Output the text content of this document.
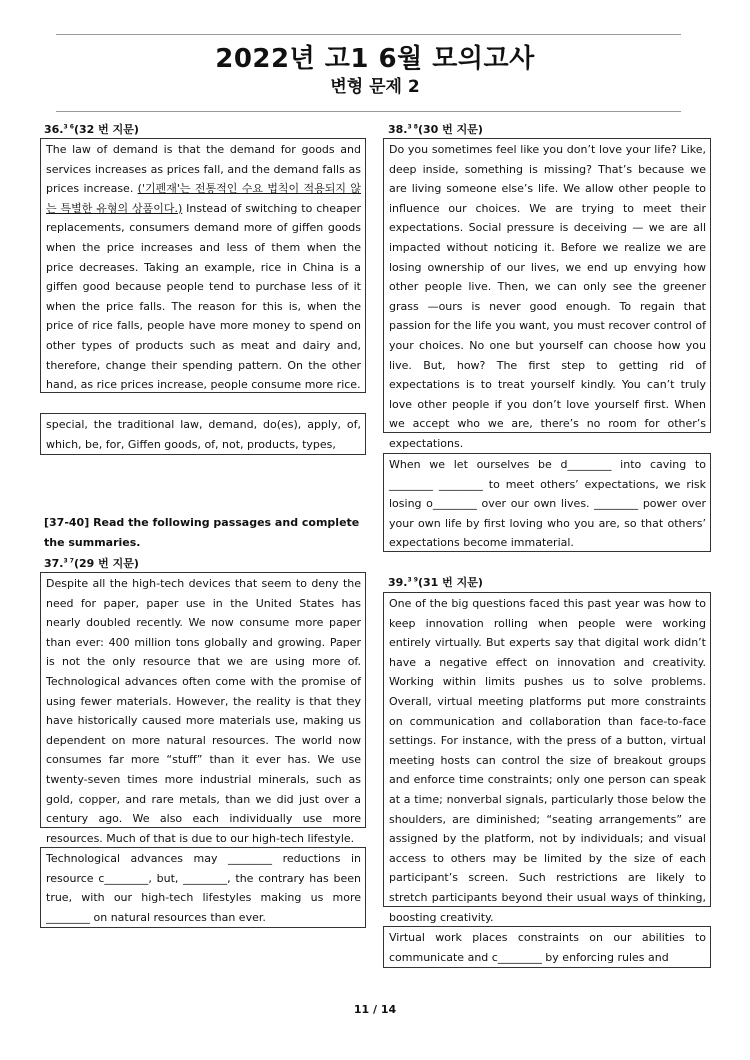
2022년 고1 6월 모의고사
변형 문제 2
36.$^{3 6}$(32 번 지문)
The law of demand is that the demand for goods and services increases as prices fall, and the demand falls as prices increase. ('기펜재'는 전통적인 수요 법칙이 적용되지 않는 특별한 유형의 상품이다.) Instead of switching to cheaper replacements, consumers demand more of giffen goods when the price increases and less of them when the price decreases. Taking an example, rice in China is a giffen good because people tend to purchase less of it when the price falls. The reason for this is, when the price of rice falls, people have more money to spend on other types of products such as meat and dairy and, therefore, change their spending pattern. On the other hand, as rice prices increase, people consume more rice.
special, the traditional law, demand, do(es), apply, of, which, be, for, Giffen goods, of, not, products, types,
[37-40] Read the following passages and complete the summaries.
37.$^{3 7}$(29 번 지문)
Despite all the high-tech devices that seem to deny the need for paper, paper use in the United States has nearly doubled recently. We now consume more paper than ever: 400 million tons globally and growing. Paper is not the only resource that we are using more of. Technological advances often come with the promise of using fewer materials. However, the reality is that they have historically caused more materials use, making us dependent on more natural resources. The world now consumes far more “stuff” than it ever has. We use twenty-seven times more industrial minerals, such as gold, copper, and rare metals, than we did just over a century ago. We also each individually use more resources. Much of that is due to our high-tech lifestyle.
Technological advances may ________ reductions in resource c________, but, ________, the contrary has been true, with our high-tech lifestyles making us more ________ on natural resources than ever.
38.$^{3 8}$(30 번 지문)
Do you sometimes feel like you don’t love your life? Like, deep inside, something is missing? That’s because we are living someone else’s life. We allow other people to influence our choices. We are trying to meet their expectations. Social pressure is deceiving — we are all impacted without noticing it. Before we realize we are losing ownership of our lives, we end up envying how other people live. Then, we can only see the greener grass —ours is never good enough. To regain that passion for the life you want, you must recover control of your choices. No one but yourself can choose how you live. But, how? The first step to getting rid of expectations is to treat yourself kindly. You can’t truly love other people if you don’t love yourself first. When we accept who we are, there’s no room for other’s expectations.
When we let ourselves be d________ into caving to ________ ________ to meet others’ expectations, we risk losing o________ over our own lives. ________ power over your own life by first loving who you are, so that others’ expectations become immaterial.
39.$^{3 9}$(31 번 지문)
One of the big questions faced this past year was how to keep innovation rolling when people were working entirely virtually. But experts say that digital work didn’t have a negative effect on innovation and creativity. Working within limits pushes us to solve problems. Overall, virtual meeting platforms put more constraints on communication and collaboration than face-to-face settings. For instance, with the press of a button, virtual meeting hosts can control the size of breakout groups and enforce time constraints; only one person can speak at a time; nonverbal signals, particularly those below the shoulders, are diminished; “seating arrangements” are assigned by the platform, not by individuals; and visual access to others may be limited by the size of each participant’s screen. Such restrictions are likely to stretch participants beyond their usual ways of thinking, boosting creativity.
Virtual work places constraints on our abilities to communicate and c________ by enforcing rules and
11 / 14
